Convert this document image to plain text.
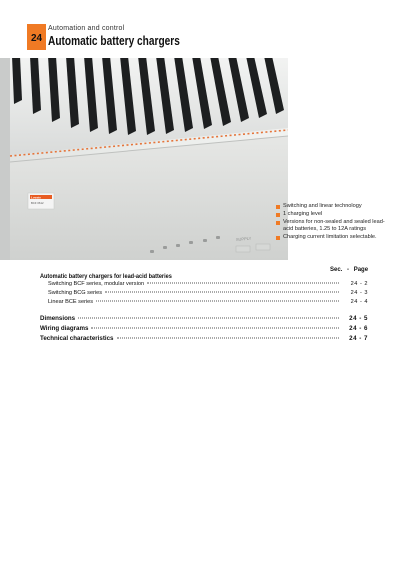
24
Automation and control
Automatic battery chargers
Lovato
BCF 0612
SUPPLY
Switching and linear technology
1 charging level
Versions for non-sealed and sealed lead-acid batteries, 1.25 to 12A ratings
Charging current limitation selectable.
Sec. - Page
Automatic battery chargers for lead-acid batteries
Switching BCF series, modular version	24 - 2
Switching BCG series	24 - 3
Linear BCE series	24 - 4
Dimensions	24 - 5
Wiring diagrams	24 - 6
Technical characteristics	24 - 7
